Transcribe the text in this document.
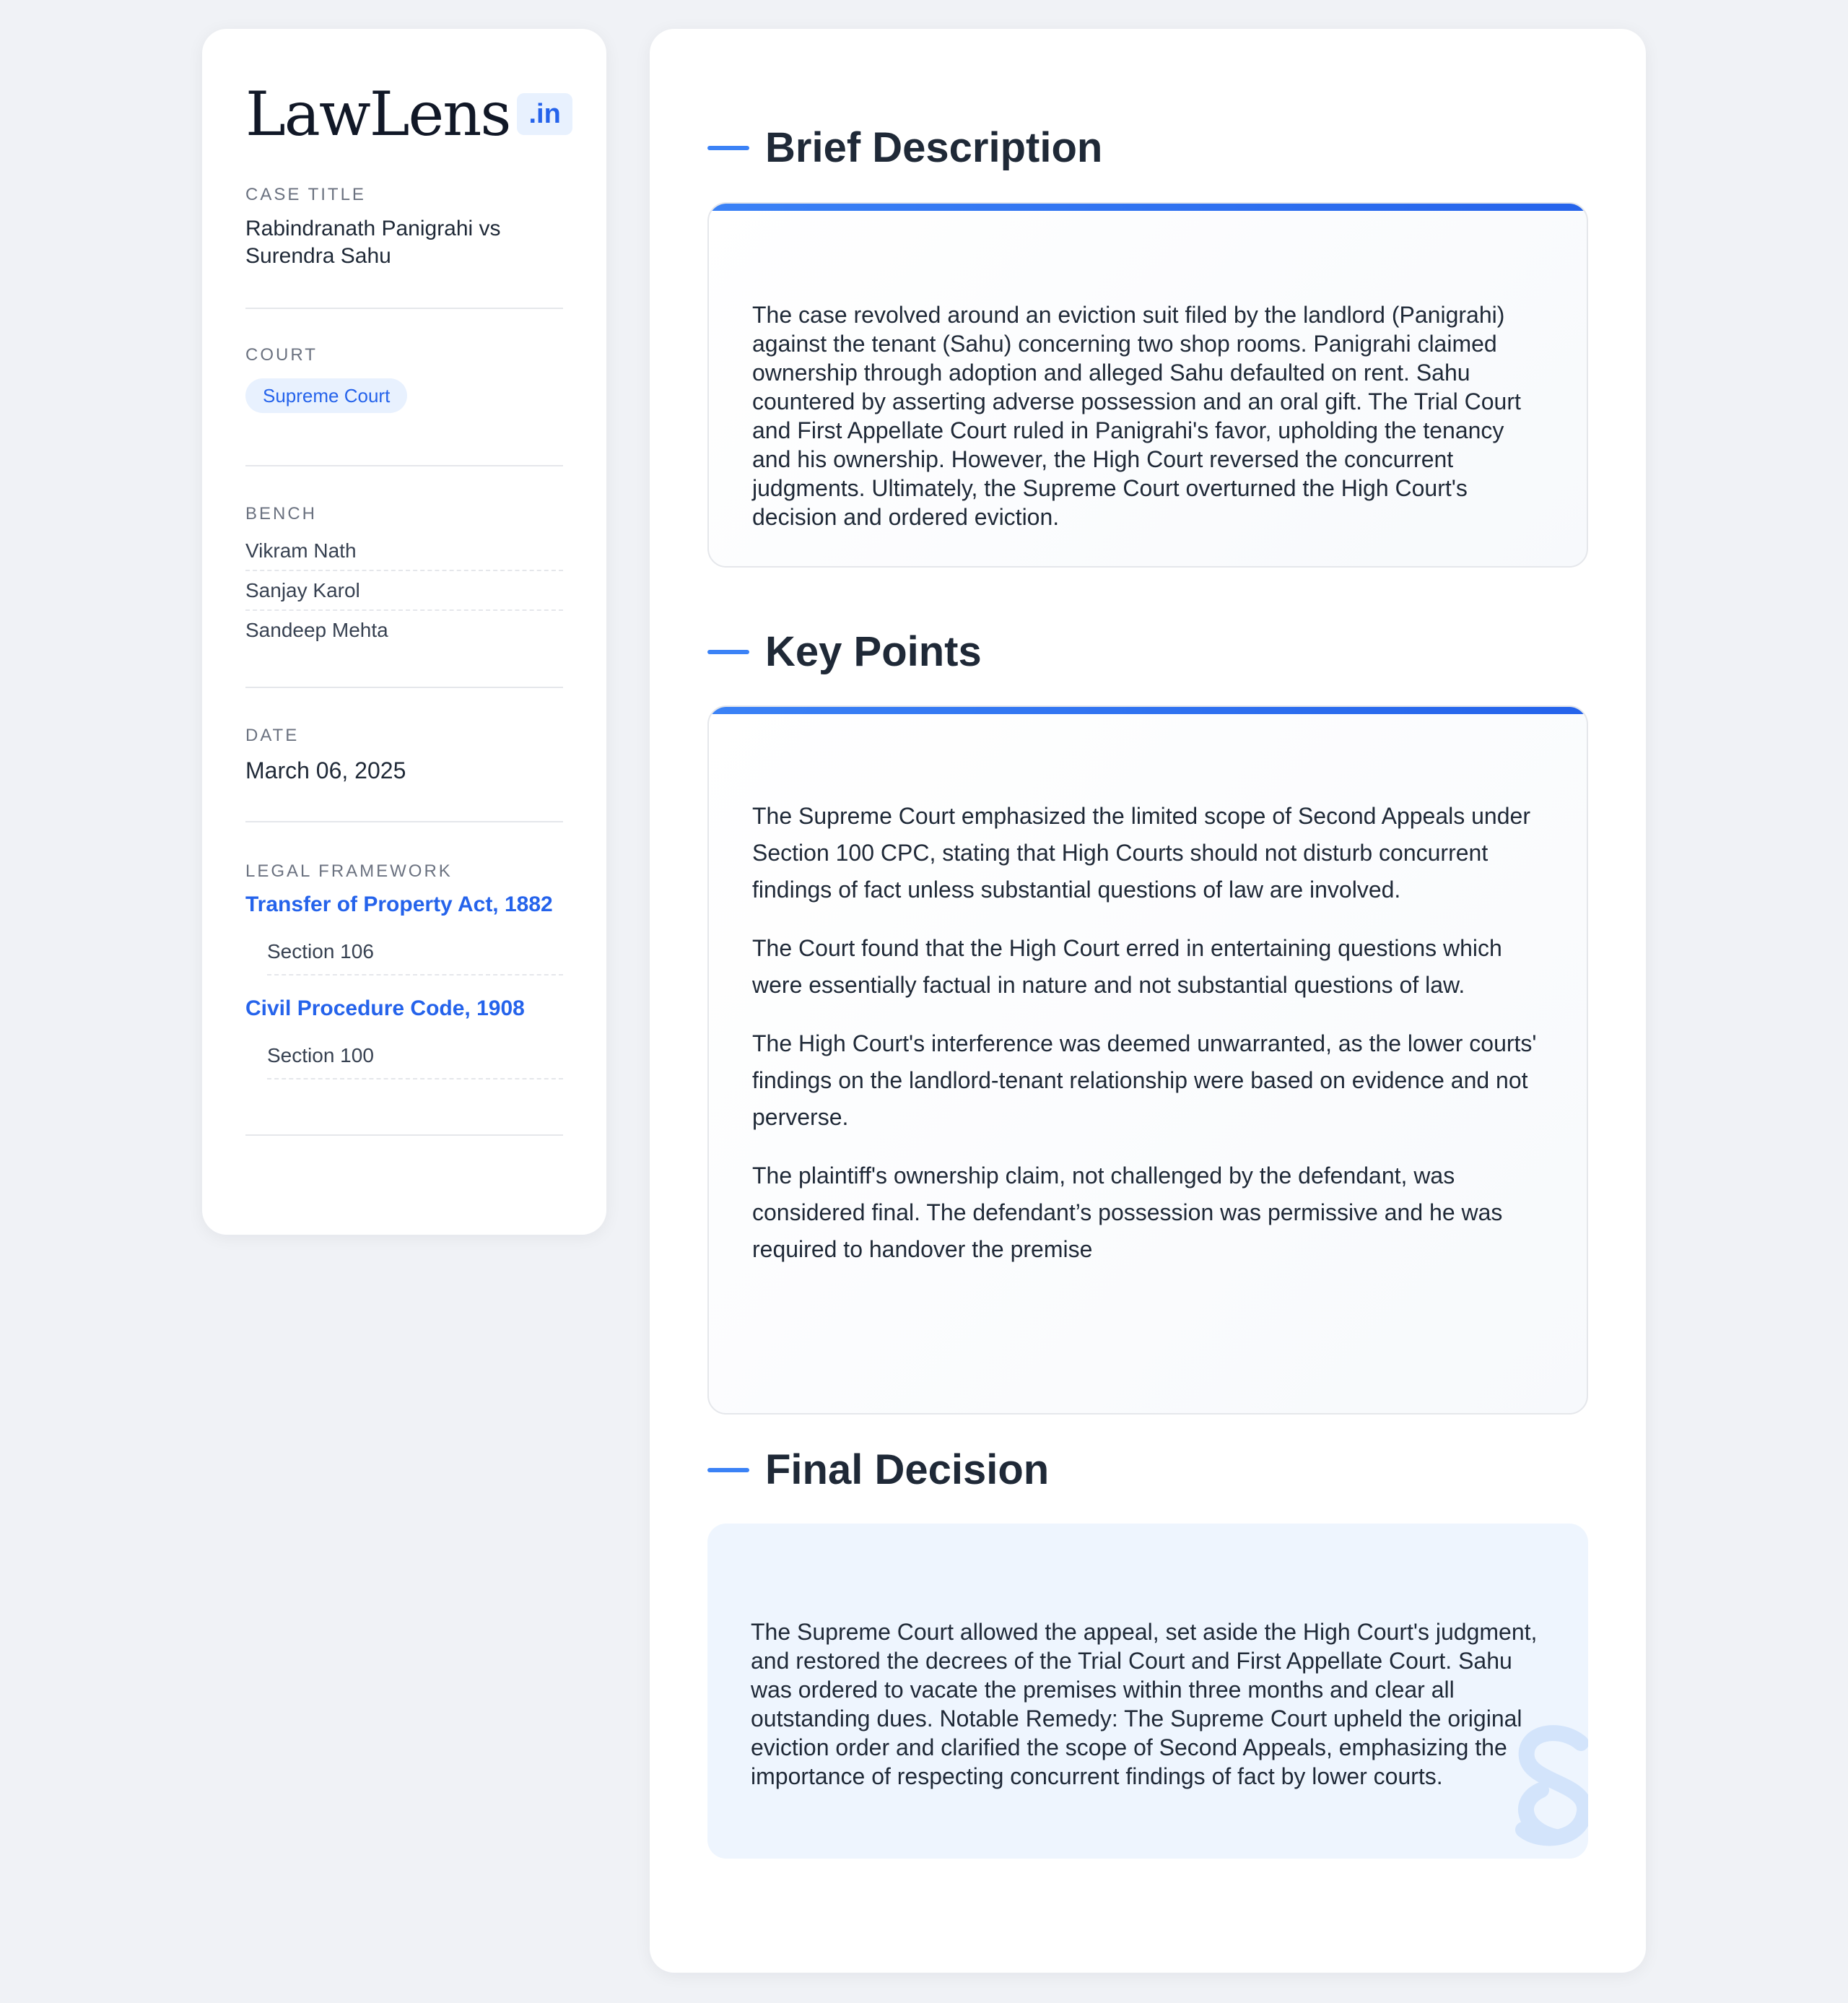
LawLens .in
CASE TITLE
Rabindranath Panigrahi vs Surendra Sahu
COURT
Supreme Court
BENCH
Vikram Nath
Sanjay Karol
Sandeep Mehta
DATE
March 06, 2025
LEGAL FRAMEWORK
Transfer of Property Act, 1882
Section 106
Civil Procedure Code, 1908
Section 100
Brief Description
The case revolved around an eviction suit filed by the landlord (Panigrahi) against the tenant (Sahu) concerning two shop rooms. Panigrahi claimed ownership through adoption and alleged Sahu defaulted on rent. Sahu countered by asserting adverse possession and an oral gift. The Trial Court and First Appellate Court ruled in Panigrahi's favor, upholding the tenancy and his ownership. However, the High Court reversed the concurrent judgments. Ultimately, the Supreme Court overturned the High Court's decision and ordered eviction.
Key Points

The Supreme Court emphasized the limited scope of Second Appeals under Section 100 CPC, stating that High Courts should not disturb concurrent findings of fact unless substantial questions of law are involved.

The Court found that the High Court erred in entertaining questions which were essentially factual in nature and not substantial questions of law.

The High Court's interference was deemed unwarranted, as the lower courts' findings on the landlord-tenant relationship were based on evidence and not perverse.

The plaintiff's ownership claim, not challenged by the defendant, was considered final. The defendant’s possession was permissive and he was required to handover the premise

Final Decision
The Supreme Court allowed the appeal, set aside the High Court's judgment, and restored the decrees of the Trial Court and First Appellate Court. Sahu was ordered to vacate the premises within three months and clear all outstanding dues. Notable Remedy: The Supreme Court upheld the original eviction order and clarified the scope of Second Appeals, emphasizing the importance of respecting concurrent findings of fact by lower courts.
